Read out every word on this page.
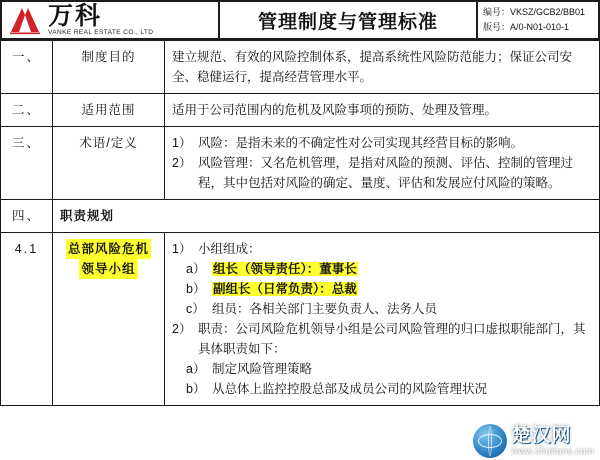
万科
VANKE REAL ESTATE CO., LTD	管理制度与管理标准	编号：VKSZ/GCB2/BB01
版号：A/0-N01-010-1
一、	制度目的	建立规范、有效的风险控制体系，提高系统性风险防范能力；保证公司安全、稳健运行，提高经营管理水平。

二、	适用范围	适用于公司范围内的危机及风险事项的预防、处理及管理。

三、	术语/定义	1） 风险：是指未来的不确定性对公司实现其经营目标的影响。
2） 风险管理：又名危机管理，是指对风险的预测、评估、控制的管理过程，其中包括对风险的确定、量度、评估和发展应付风险的策略。

四、	职责规划	
4.1	总部风险危机
领导小组	
1） 小组组成：
a） 组长（领导责任）：董事长
b） 副组长（日常负责）：总裁
c） 组员：各相关部门主要负责人、法务人员
2） 职责：公司风险危机领导小组是公司风险管理的归口虚拟职能部门，其具体职责如下：
a） 制定风险管理策略
b） 从总体上监控控股总部及成员公司的风险管理状况
楚汉网
www.chuhans.com
